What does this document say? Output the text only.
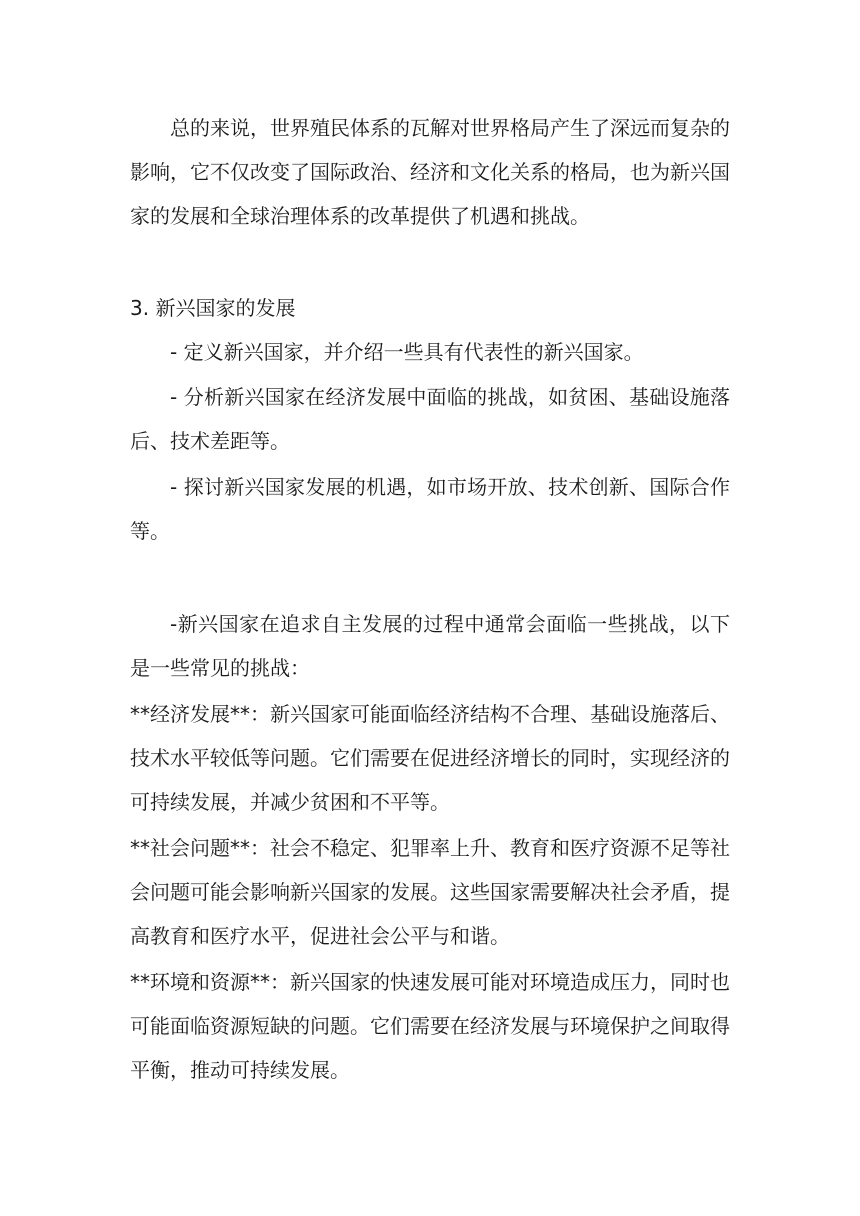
总的来说，世界殖民体系的瓦解对世界格局产生了深远而复杂的影响，它不仅改变了国际政治、经济和文化关系的格局，也为新兴国家的发展和全球治理体系的改革提供了机遇和挑战。

3. 新兴国家的发展

- 定义新兴国家，并介绍一些具有代表性的新兴国家。

- 分析新兴国家在经济发展中面临的挑战，如贫困、基础设施落后、技术差距等。

- 探讨新兴国家发展的机遇，如市场开放、技术创新、国际合作等。

-新兴国家在追求自主发展的过程中通常会面临一些挑战，以下是一些常见的挑战：

**经济发展**：新兴国家可能面临经济结构不合理、基础设施落后、技术水平较低等问题。它们需要在促进经济增长的同时，实现经济的可持续发展，并减少贫困和不平等。

**社会问题**：社会不稳定、犯罪率上升、教育和医疗资源不足等社会问题可能会影响新兴国家的发展。这些国家需要解决社会矛盾，提高教育和医疗水平，促进社会公平与和谐。

**环境和资源**：新兴国家的快速发展可能对环境造成压力，同时也可能面临资源短缺的问题。它们需要在经济发展与环境保护之间取得平衡，推动可持续发展。
